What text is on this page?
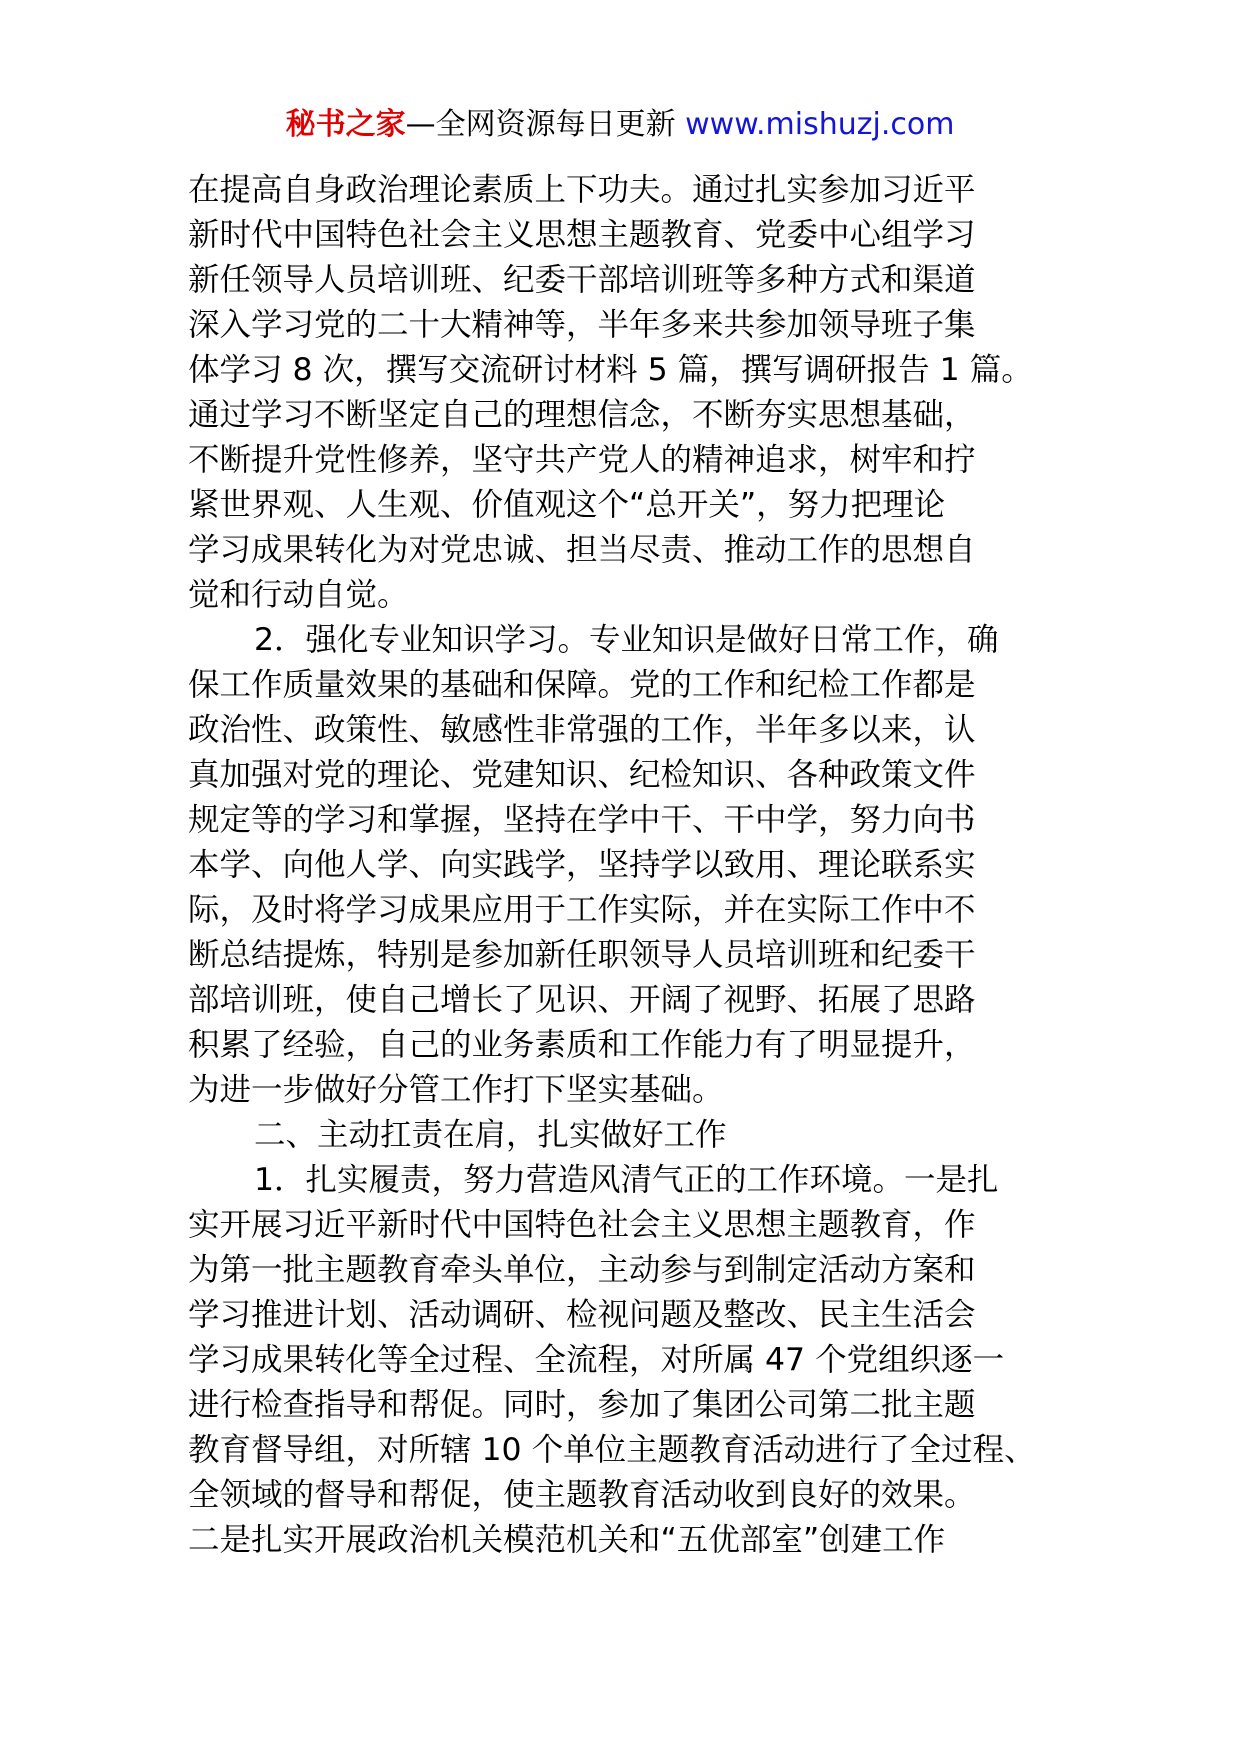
秘书之家—全网资源每日更新 www.mishuzj.com
在提高自身政治理论素质上下功夫。通过扎实参加习近平
新时代中国特色社会主义思想主题教育、党委中心组学习
新任领导人员培训班、纪委干部培训班等多种方式和渠道
深入学习党的二十大精神等，半年多来共参加领导班子集
体学习 8 次，撰写交流研讨材料 5 篇，撰写调研报告 1 篇。
通过学习不断坚定自己的理想信念，不断夯实思想基础，
不断提升党性修养，坚守共产党人的精神追求，树牢和拧
紧世界观、人生观、价值观这个“总开关”，努力把理论
学习成果转化为对党忠诚、担当尽责、推动工作的思想自
觉和行动自觉。
2．强化专业知识学习。专业知识是做好日常工作，确
保工作质量效果的基础和保障。党的工作和纪检工作都是
政治性、政策性、敏感性非常强的工作，半年多以来，认
真加强对党的理论、党建知识、纪检知识、各种政策文件
规定等的学习和掌握，坚持在学中干、干中学，努力向书
本学、向他人学、向实践学，坚持学以致用、理论联系实
际，及时将学习成果应用于工作实际，并在实际工作中不
断总结提炼，特别是参加新任职领导人员培训班和纪委干
部培训班，使自己增长了见识、开阔了视野、拓展了思路
积累了经验，自己的业务素质和工作能力有了明显提升，
为进一步做好分管工作打下坚实基础。
二、主动扛责在肩，扎实做好工作
1．扎实履责，努力营造风清气正的工作环境。一是扎
实开展习近平新时代中国特色社会主义思想主题教育，作
为第一批主题教育牵头单位，主动参与到制定活动方案和
学习推进计划、活动调研、检视问题及整改、民主生活会
学习成果转化等全过程、全流程，对所属 47 个党组织逐一
进行检查指导和帮促。同时，参加了集团公司第二批主题
教育督导组，对所辖 10 个单位主题教育活动进行了全过程、
全领域的督导和帮促，使主题教育活动收到良好的效果。
二是扎实开展政治机关模范机关和“五优部室”创建工作
